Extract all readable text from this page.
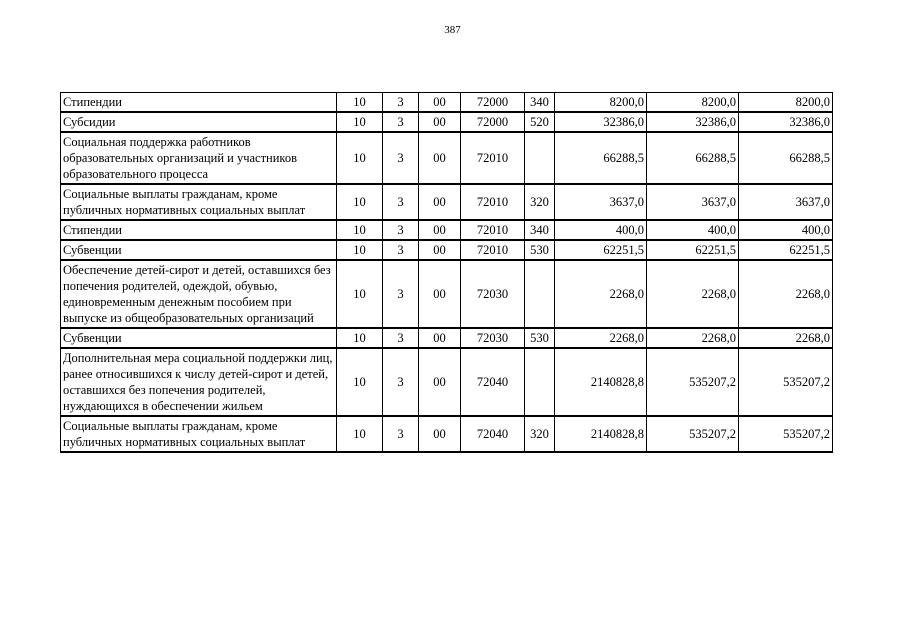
387
Стипендии	10	3	00	72000	340	8200,0	8200,0	8200,0
Субсидии	10	3	00	72000	520	32386,0	32386,0	32386,0
Социальная поддержка работников образовательных организаций и участников образовательного процесса	10	3	00	72010		66288,5	66288,5	66288,5
Социальные выплаты гражданам, кроме публичных нормативных социальных выплат	10	3	00	72010	320	3637,0	3637,0	3637,0
Стипендии	10	3	00	72010	340	400,0	400,0	400,0
Субвенции	10	3	00	72010	530	62251,5	62251,5	62251,5
Обеспечение детей-сирот и детей, оставшихся без попечения родителей, одеждой, обувью, единовременным денежным пособием при выпуске из общеобразовательных организаций	10	3	00	72030		2268,0	2268,0	2268,0
Субвенции	10	3	00	72030	530	2268,0	2268,0	2268,0
Дополнительная мера социальной поддержки лиц, ранее относившихся к числу детей-сирот и детей, оставшихся без попечения родителей, нуждающихся в обеспечении жильем	10	3	00	72040		2140828,8	535207,2	535207,2
Социальные выплаты гражданам, кроме публичных нормативных социальных выплат	10	3	00	72040	320	2140828,8	535207,2	535207,2
